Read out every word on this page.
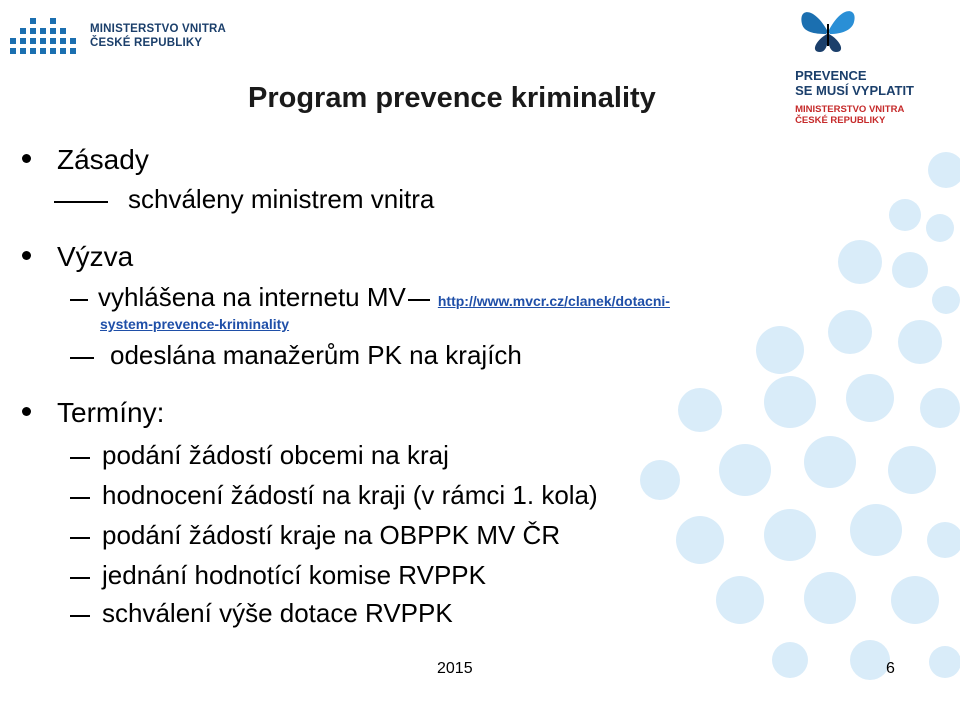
MINISTERSTVO VNITRA
ČESKÉ REPUBLIKY
PREVENCE
SE MUSÍ VYPLATIT
MINISTERSTVO VNITRA
ČESKÉ REPUBLIKY
Program prevence kriminality
Zásady
schváleny ministrem vnitra
Výzva
vyhlášena na internetu MV http://www.mvcr.cz/clanek/dotacni-
system-prevence-kriminality
odeslána manažerům PK na krajích
Termíny:
podání žádostí obcemi na kraj
hodnocení žádostí na kraji (v rámci 1. kola)
podání žádostí kraje na OBPPK MV ČR
jednání hodnotící komise RVPPK
schválení výše dotace RVPPK
2015	6
